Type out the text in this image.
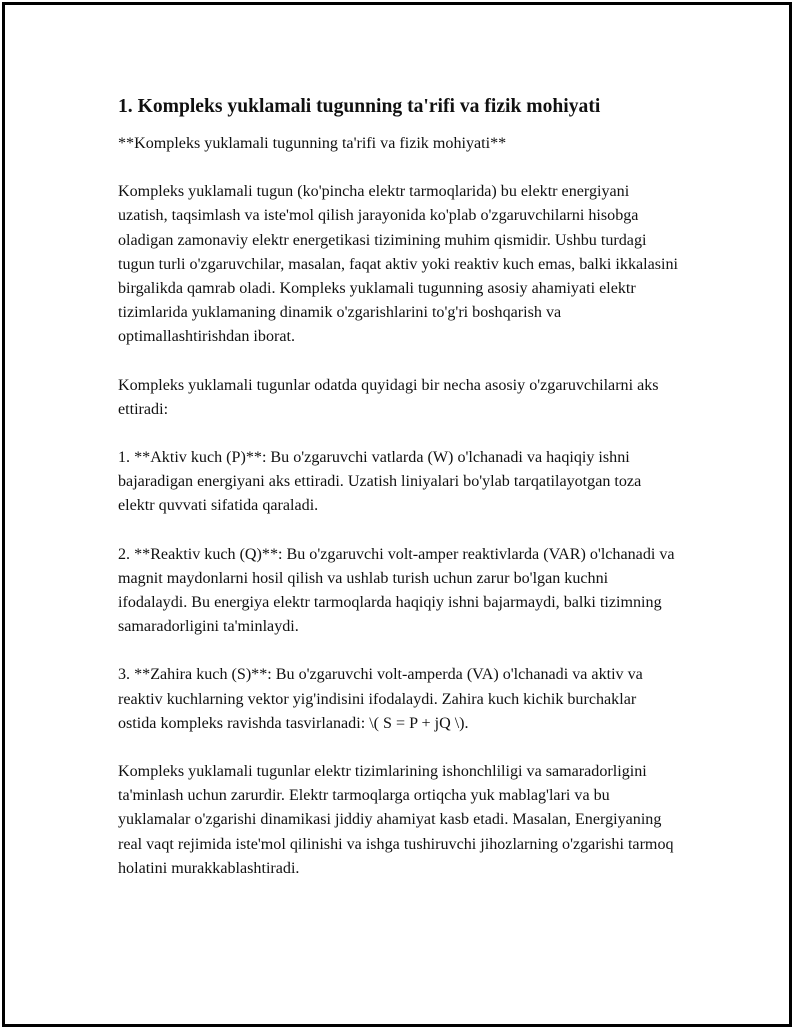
1. Kompleks yuklamali tugunning ta'rifi va fizik mohiyati

**Kompleks yuklamali tugunning ta'rifi va fizik mohiyati**

Kompleks yuklamali tugun (ko'pincha elektr tarmoqlarida) bu elektr energiyani uzatish, taqsimlash va iste'mol qilish jarayonida ko'plab o'zgaruvchilarni hisobga oladigan zamonaviy elektr energetikasi tizimining muhim qismidir. Ushbu turdagi tugun turli o'zgaruvchilar, masalan, faqat aktiv yoki reaktiv kuch emas, balki ikkalasini birgalikda qamrab oladi. Kompleks yuklamali tugunning asosiy ahamiyati elektr tizimlarida yuklamaning dinamik o'zgarishlarini to'g'ri boshqarish va optimallashtirishdan iborat.

Kompleks yuklamali tugunlar odatda quyidagi bir necha asosiy o'zgaruvchilarni aks ettiradi:

1. **Aktiv kuch (P)**: Bu o'zgaruvchi vatlarda (W) o'lchanadi va haqiqiy ishni bajaradigan energiyani aks ettiradi. Uzatish liniyalari bo'ylab tarqatilayotgan toza elektr quvvati sifatida qaraladi.

2. **Reaktiv kuch (Q)**: Bu o'zgaruvchi volt-amper reaktivlarda (VAR) o'lchanadi va magnit maydonlarni hosil qilish va ushlab turish uchun zarur bo'lgan kuchni ifodalaydi. Bu energiya elektr tarmoqlarda haqiqiy ishni bajarmaydi, balki tizimning samaradorligini ta'minlaydi.

3. **Zahira kuch (S)**: Bu o'zgaruvchi volt-amperda (VA) o'lchanadi va aktiv va reaktiv kuchlarning vektor yig'indisini ifodalaydi. Zahira kuch kichik burchaklar ostida kompleks ravishda tasvirlanadi: \( S = P + jQ \).

Kompleks yuklamali tugunlar elektr tizimlarining ishonchliligi va samaradorligini ta'minlash uchun zarurdir. Elektr tarmoqlarga ortiqcha yuk mablag'lari va bu yuklamalar o'zgarishi dinamikasi jiddiy ahamiyat kasb etadi. Masalan, Energiyaning real vaqt rejimida iste'mol qilinishi va ishga tushiruvchi jihozlarning o'zgarishi tarmoq holatini murakkablashtiradi.
